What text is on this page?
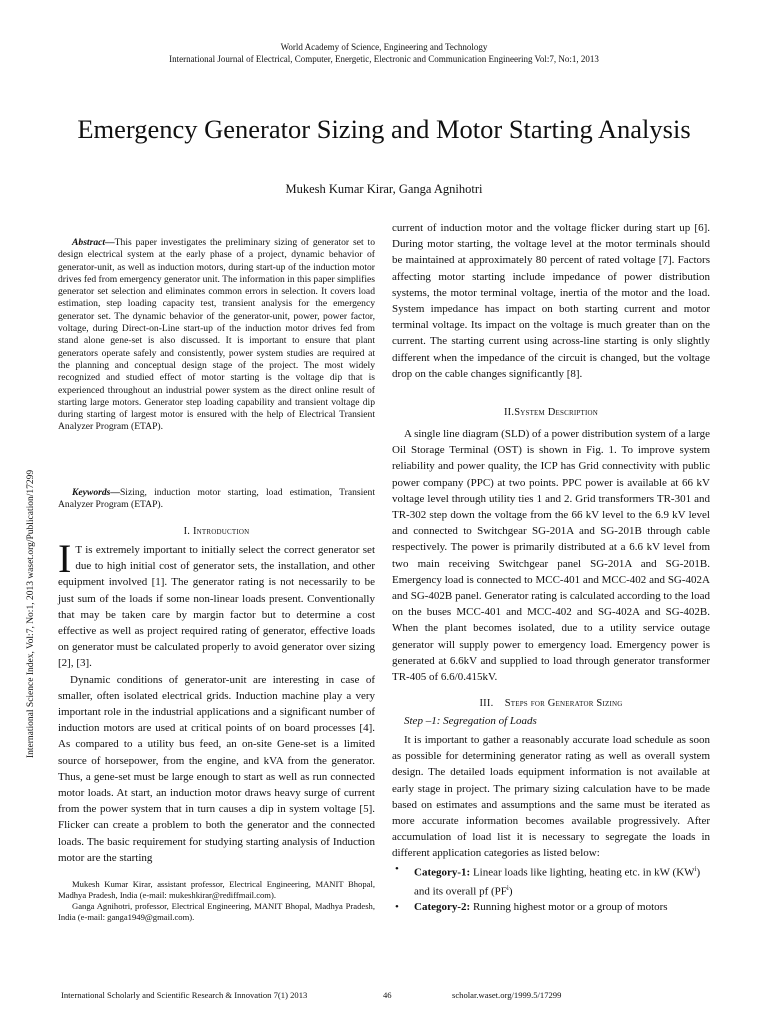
World Academy of Science, Engineering and Technology
International Journal of Electrical, Computer, Energetic, Electronic and Communication Engineering Vol:7, No:1, 2013
Emergency Generator Sizing and Motor Starting Analysis
Mukesh Kumar Kirar, Ganga Agnihotri
International Science Index, Vol:7, No:1, 2013 waset.org/Publication/17299

Abstract—This paper investigates the preliminary sizing of generator set to design electrical system at the early phase of a project, dynamic behavior of generator-unit, as well as induction motors, during start-up of the induction motor drives fed from emergency generator unit. The information in this paper simplifies generator set selection and eliminates common errors in selection. It covers load estimation, step loading capacity test, transient analysis for the emergency generator set. The dynamic behavior of the generator-unit, power, power factor, voltage, during Direct-on-Line start-up of the induction motor drives fed from stand alone gene-set is also discussed. It is important to ensure that plant generators operate safely and consistently, power system studies are required at the planning and conceptual design stage of the project. The most widely recognized and studied effect of motor starting is the voltage dip that is experienced throughout an industrial power system as the direct online result of starting large motors. Generator step loading capability and transient voltage dip during starting of largest motor is ensured with the help of Electrical Transient Analyzer Program (ETAP).

Keywords—Sizing, induction motor starting, load estimation, Transient Analyzer Program (ETAP).

I. Introduction

I T is extremely important to initially select the correct generator set due to high initial cost of generator sets, the installation, and other equipment involved [1]. The generator rating is not necessarily to be just sum of the loads if some non-linear loads present. Conventionally that may be taken care by margin factor but to determine a cost effective as well as project required rating of generator, effective loads on generator must be calculated properly to avoid generator over sizing [2], [3].

Dynamic conditions of generator-unit are interesting in case of smaller, often isolated electrical grids. Induction machine play a very important role in the industrial applications and a significant number of induction motors are used at critical points of on board processes [4]. As compared to a utility bus feed, an on-site Gene-set is a limited source of horsepower, from the engine, and kVA from the generator. Thus, a gene-set must be large enough to start as well as run connected motor loads. At start, an induction motor draws heavy surge of current from the power system that in turn causes a dip in system voltage [5]. Flicker can create a problem to both the generator and the connected loads. The basic requirement for studying starting analysis of Induction motor are the starting

current of induction motor and the voltage flicker during start up [6]. During motor starting, the voltage level at the motor terminals should be maintained at approximately 80 percent of rated voltage [7]. Factors affecting motor starting include impedance of power distribution systems, the motor terminal voltage, inertia of the motor and the load. System impedance has impact on both starting current and motor terminal voltage. Its impact on the voltage is much greater than on the current. The starting current using across-line starting is only slightly different when the impedance of the circuit is changed, but the voltage drop on the cable changes significantly [8].

II.System Description

A single line diagram (SLD) of a power distribution system of a large Oil Storage Terminal (OST) is shown in Fig. 1. To improve system reliability and power quality, the ICP has Grid connectivity with public power company (PPC) at two points. PPC power is available at 66 kV voltage level through utility ties 1 and 2. Grid transformers TR-301 and TR-302 step down the voltage from the 66 kV level to the 6.9 kV level and connected to Switchgear SG-201A and SG-201B through cable respectively. The power is primarily distributed at a 6.6 kV level from two main receiving Switchgear panel SG-201A and SG-201B. Emergency load is connected to MCC-401 and MCC-402 and SG-402A and SG-402B panel. Generator rating is calculated according to the load on the buses MCC-401 and MCC-402 and SG-402A and SG-402B. When the plant becomes isolated, due to a utility service outage generator will supply power to emergency load. Emergency power is generated at 6.6kV and supplied to load through generator transformer TR-405 of 6.6/0.415kV.

III. Steps for Generator Sizing
Step –1: Segregation of Loads

It is important to gather a reasonably accurate load schedule as soon as possible for determining generator rating as well as overall system design. The detailed loads equipment information is not available at early stage in project. The primary sizing calculation have to be made based on estimates and assumptions and the same must be iterated as more accurate information becomes available progressively. After accumulation of load list it is necessary to segregate the loads in different application categories as listed below:

• Category-1: Linear loads like lighting, heating etc. in kW $(KW^i)$ and its overall pf $(PF^i)$
• Category-2: Running highest motor or a group of motors

Mukesh Kumar Kirar, assistant professor, Electrical Engineering, MANIT Bhopal, Madhya Pradesh, India (e-mail: mukeshkirar@rediffmail.com).

Ganga Agnihotri, professor, Electrical Engineering, MANIT Bhopal, Madhya Pradesh, India (e-mail: ganga1949@gmail.com).

International Scholarly and Scientific Research & Innovation 7(1) 2013	46	scholar.waset.org/1999.5/17299
